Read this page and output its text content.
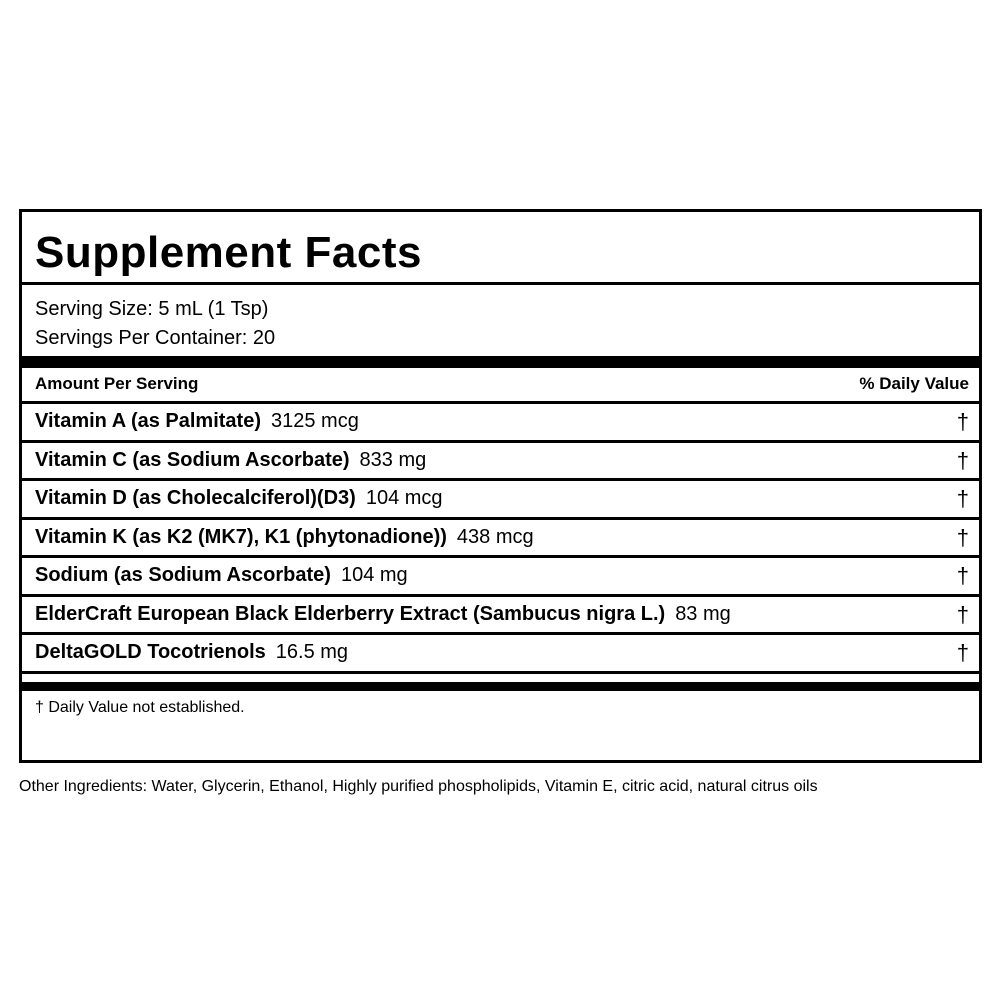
Supplement Facts
Serving Size: 5 mL (1 Tsp)
Servings Per Container: 20
Amount Per Serving	% Daily Value
Vitamin A (as Palmitate) 3125 mcg	†
Vitamin C (as Sodium Ascorbate) 833 mg	†
Vitamin D (as Cholecalciferol)(D3) 104 mcg	†
Vitamin K (as K2 (MK7), K1 (phytonadione)) 438 mcg	†
Sodium (as Sodium Ascorbate) 104 mg	†
ElderCraft European Black Elderberry Extract (Sambucus nigra L.) 83 mg	†
DeltaGOLD Tocotrienols 16.5 mg	†
† Daily Value not established.
Other Ingredients: Water, Glycerin, Ethanol, Highly purified phospholipids, Vitamin E, citric acid, natural citrus oils
